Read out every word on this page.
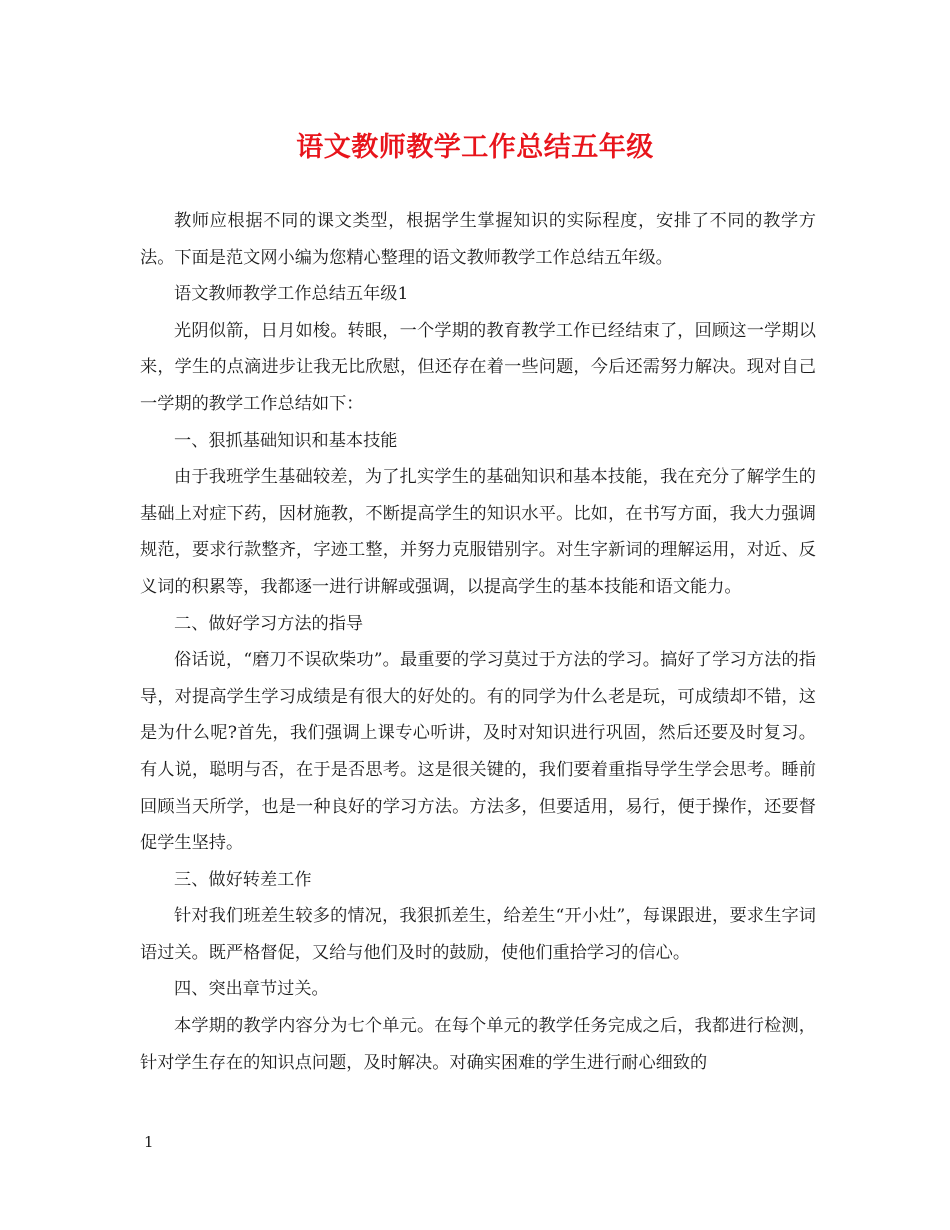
语文教师教学工作总结五年级

教师应根据不同的课文类型，根据学生掌握知识的实际程度，安排了不同的教学方法。下面是范文网小编为您精心整理的语文教师教学工作总结五年级。

语文教师教学工作总结五年级1

光阴似箭，日月如梭。转眼，一个学期的教育教学工作已经结束了，回顾这一学期以来，学生的点滴进步让我无比欣慰，但还存在着一些问题，今后还需努力解决。现对自己一学期的教学工作总结如下：

一、狠抓基础知识和基本技能

由于我班学生基础较差，为了扎实学生的基础知识和基本技能，我在充分了解学生的基础上对症下药，因材施教，不断提高学生的知识水平。比如，在书写方面，我大力强调规范，要求行款整齐，字迹工整，并努力克服错别字。对生字新词的理解运用，对近、反义词的积累等，我都逐一进行讲解或强调，以提高学生的基本技能和语文能力。

二、做好学习方法的指导

俗话说，“磨刀不误砍柴功”。最重要的学习莫过于方法的学习。搞好了学习方法的指导，对提高学生学习成绩是有很大的好处的。有的同学为什么老是玩，可成绩却不错，这是为什么呢?首先，我们强调上课专心听讲，及时对知识进行巩固，然后还要及时复习。有人说，聪明与否，在于是否思考。这是很关键的，我们要着重指导学生学会思考。睡前回顾当天所学，也是一种良好的学习方法。方法多，但要适用，易行，便于操作，还要督促学生坚持。

三、做好转差工作

针对我们班差生较多的情况，我狠抓差生，给差生“开小灶”，每课跟进，要求生字词语过关。既严格督促，又给与他们及时的鼓励，使他们重拾学习的信心。

四、突出章节过关。

本学期的教学内容分为七个单元。在每个单元的教学任务完成之后，我都进行检测，针对学生存在的知识点问题，及时解决。对确实困难的学生进行耐心细致的

1
